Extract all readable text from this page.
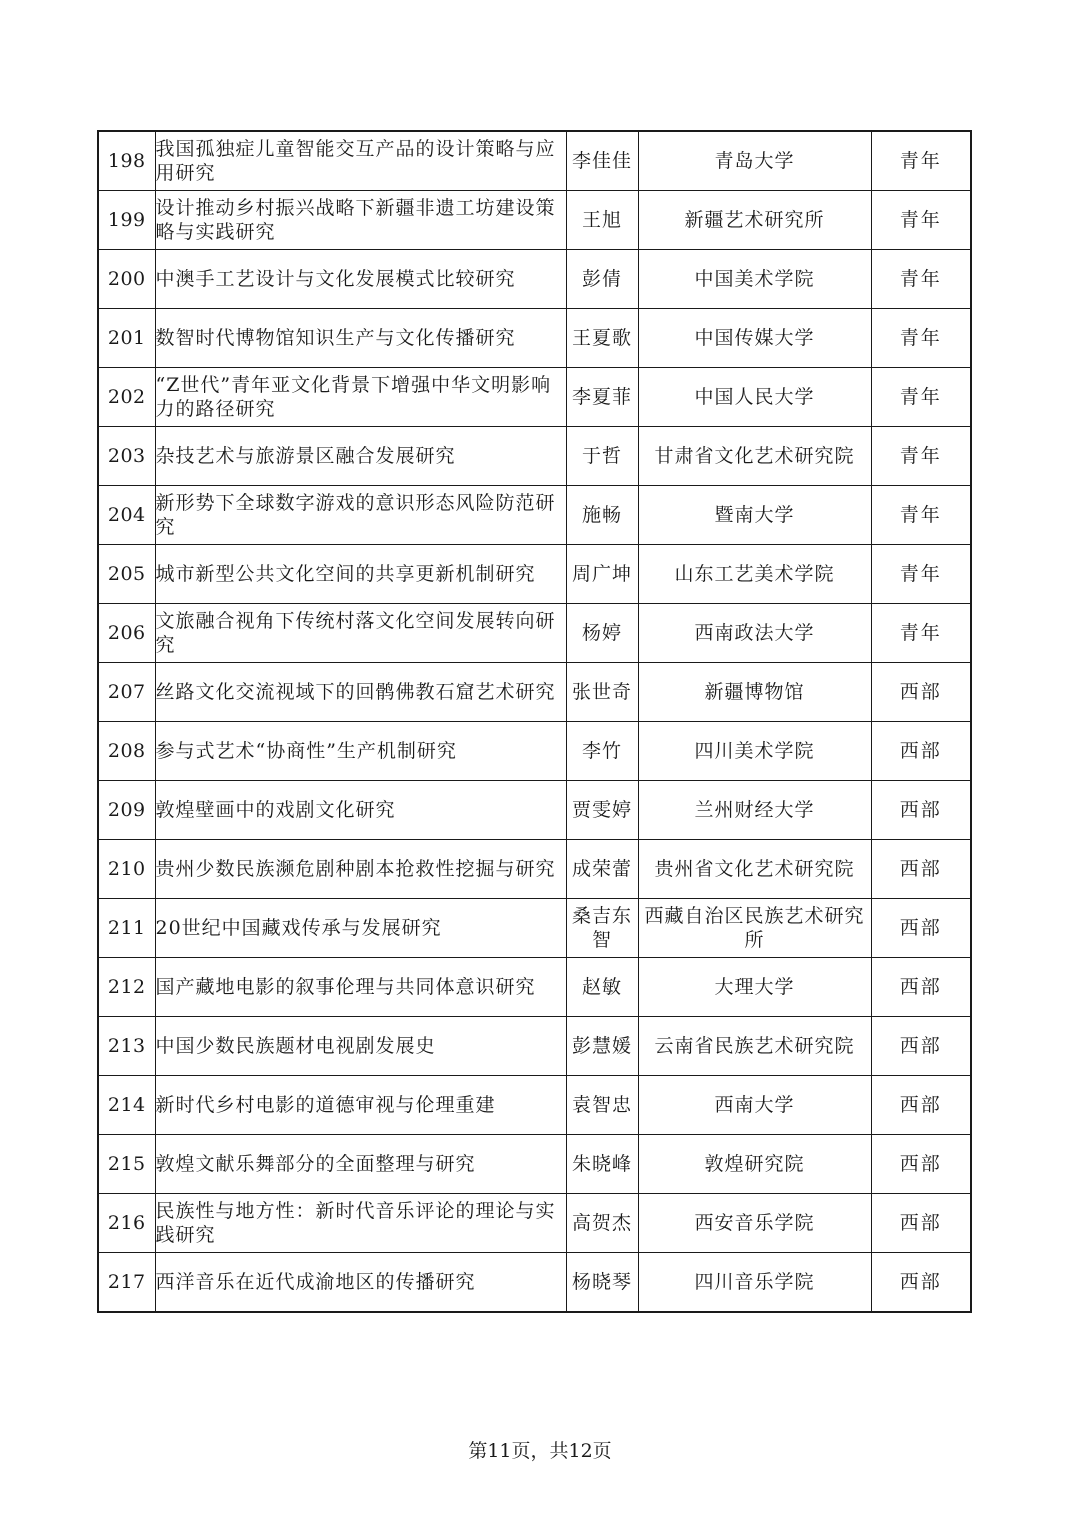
198	我国孤独症儿童智能交互产品的设计策略与应用研究	李佳佳	青岛大学	青年
199	设计推动乡村振兴战略下新疆非遗工坊建设策略与实践研究	王旭	新疆艺术研究所	青年
200	中澳手工艺设计与文化发展模式比较研究	彭倩	中国美术学院	青年
201	数智时代博物馆知识生产与文化传播研究	王夏歌	中国传媒大学	青年
202	“Z世代”青年亚文化背景下增强中华文明影响力的路径研究	李夏菲	中国人民大学	青年
203	杂技艺术与旅游景区融合发展研究	于哲	甘肃省文化艺术研究院	青年
204	新形势下全球数字游戏的意识形态风险防范研究	施畅	暨南大学	青年
205	城市新型公共文化空间的共享更新机制研究	周广坤	山东工艺美术学院	青年
206	文旅融合视角下传统村落文化空间发展转向研究	杨婷	西南政法大学	青年
207	丝路文化交流视域下的回鹘佛教石窟艺术研究	张世奇	新疆博物馆	西部
208	参与式艺术“协商性”生产机制研究	李竹	四川美术学院	西部
209	敦煌壁画中的戏剧文化研究	贾雯婷	兰州财经大学	西部
210	贵州少数民族濒危剧种剧本抢救性挖掘与研究	成荣蕾	贵州省文化艺术研究院	西部
211	20世纪中国藏戏传承与发展研究	桑吉东智	西藏自治区民族艺术研究所	西部
212	国产藏地电影的叙事伦理与共同体意识研究	赵敏	大理大学	西部
213	中国少数民族题材电视剧发展史	彭慧媛	云南省民族艺术研究院	西部
214	新时代乡村电影的道德审视与伦理重建	袁智忠	西南大学	西部
215	敦煌文献乐舞部分的全面整理与研究	朱晓峰	敦煌研究院	西部
216	民族性与地方性：新时代音乐评论的理论与实践研究	高贺杰	西安音乐学院	西部
217	西洋音乐在近代成渝地区的传播研究	杨晓琴	四川音乐学院	西部
第11页，共12页
